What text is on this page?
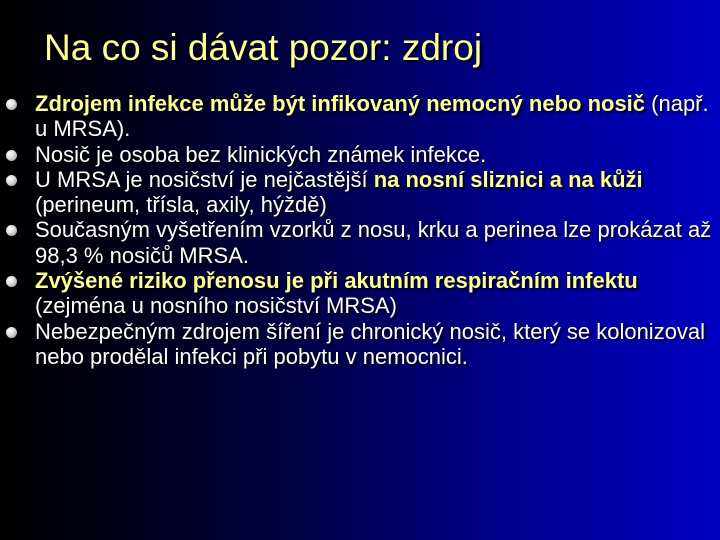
Na co si dávat pozor: zdroj
Zdrojem infekce může být infikovaný nemocný nebo nosič (např. u MRSA).
Nosič je osoba bez klinických známek infekce.
U MRSA je nosičství je nejčastější na nosní sliznici a na kůži (perineum, třísla, axily, hýždě)
Současným vyšetřením vzorků z nosu, krku a perinea lze prokázat až 98,3 % nosičů MRSA.
Zvýšené riziko přenosu je při akutním respiračním infektu (zejména u nosního nosičství MRSA)
Nebezpečným zdrojem šíření je chronický nosič, který se kolonizoval nebo prodělal infekci při pobytu v nemocnici.
